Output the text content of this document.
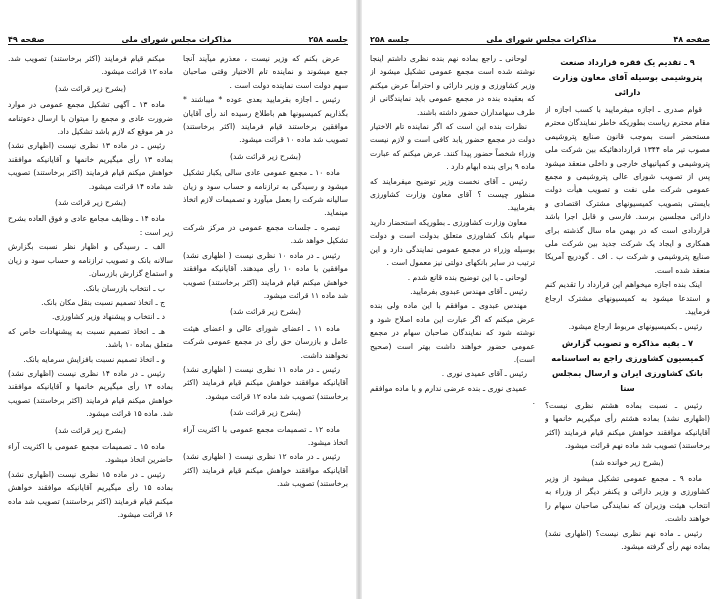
جلسه ۲۵۸
مذاکرات مجلس شورای ملی
صفحه ۴۹

عرض بکنم که وزیر نیست ، معذرم میآیند آنجا جمع میشوند و نماینده تام الاختیار وقتی صاحبان سهم دولت است نماینده دولت است .

رئیس ـ اجازه بفرمایید بعدی عوده * میباشند * بگذاریم کمیسیونها هم باطلاع رسیده اند رأی آقایان موافقین برخاستند قیام فرمایند (اکثر برخاستند) تصویب شد ماده ۱۰ قرائت میشود.

(بشرح زیر قرائت شد)

ماده ۱۰ ـ مجمع عمومی عادی سالی یکبار تشکیل میشود و رسیدگی به ترازنامه و حساب سود و زیان سالیانه شرکت را بعمل میآورد و تصمیمات لازم اتخاذ مینماید.

تبصره ـ جلسات مجمع عمومی در مرکز شرکت تشکیل خواهد شد.

رئیس ـ در ماده ۱۰ نظری نیست ( اظهاری نشد) موافقین با ماده ۱۰ رأی میدهند. آقایانیکه موافقند خواهش میکنم قیام فرمایند (اکثر برخاستند) تصویب شد ماده ۱۱ قرائت میشود.

(بشرح زیر قرائت شد)

ماده ۱۱ ـ اعضای شورای عالی و اعضای هیئت عامل و بازرسان حق رأی در مجمع عمومی شرکت نخواهند داشت.

رئیس ـ در ماده ۱۱ نظری نیست ( اظهاری نشد) آقایانیکه موافقند خواهش میکنم قیام فرمایند (اکثر برخاستند) تصویب شد ماده ۱۲ قرائت میشود.

(بشرح زیر قرائت شد)

ماده ۱۲ ـ تصمیمات مجمع عمومی با اکثریت آراء اتخاذ میشود.

رئیس ـ در ماده ۱۲ نظری نیست ( اظهاری نشد) آقایانیکه موافقند خواهش میکنم قیام فرمایند (اکثر برخاستند) تصویب شد.

میکنم قیام فرمایند (اکثر برخاستند) تصویب شد. ماده ۱۲ قرائت میشود.

(بشرح زیر قرائت شد)

ماده ۱۳ ـ آگهی تشکیل مجمع عمومی در موارد ضرورت عادی و مجمع را میتوان با ارسال دعوتنامه در هر موقع که لازم باشد تشکیل داد.

رئیس ـ در ماده ۱۳ نظری نیست (اظهاری نشد) بماده ۱۳ رأی میگیریم خانمها و آقایانیکه موافقند خواهش میکنم قیام فرمایند (اکثر برخاستند) تصویب شد ماده ۱۴ قرائت میشود.

(بشرح زیر قرائت شد)

ماده ۱۴ ـ وظایف مجامع عادی و فوق العاده بشرح زیر است :

الف ـ رسیدگی و اظهار نظر نسبت بگزارش سالانه بانک و تصویب ترازنامه و حساب سود و زیان و استماع گزارش بازرسان.

ب ـ انتخاب بازرسان بانک.

ج ـ اتخاذ تصمیم نسبت بنقل مکان بانک.

د ـ انتخاب و پیشنهاد وزیر کشاورزی.

هـ ـ اتخاذ تصمیم نسبت به پیشنهادات خاص که متعلق بماده ۱۰ باشد.

و ـ اتخاذ تصمیم نسبت بافزایش سرمایه بانک.

رئیس ـ در ماده ۱۴ نظری نیست (اظهاری نشد) بماده ۱۴ رأی میگیریم خانمها و آقایانیکه موافقند خواهش میکنم قیام فرمایند (اکثر برخاستند) تصویب شد. ماده ۱۵ قرائت میشود.

(بشرح زیر قرائت شد)

ماده ۱۵ ـ تصمیمات مجمع عمومی با اکثریت آراء حاضرین اتخاذ میشود.

رئیس ـ در ماده ۱۵ نظری نیست (اظهاری نشد) بماده ۱۵ رأی میگیریم آقایانیکه موافقند خواهش میکنم قیام فرمایند (اکثر برخاستند) تصویب شد ماده ۱۶ قرائت میشود.

صفحه ۴۸
مذاکرات مجلس شورای ملی
جلسه ۲۵۸

۹ ـ تقدیم یک فقره قرارداد صنعت پتروشیمی بوسیله آقای معاون وزارت دارائی

قوام صدری ـ اجازه میفرمایید با کسب اجازه از مقام محترم ریاست بطوریکه خاطر نمایندگان محترم مستحضر است بموجب قانون صنایع پتروشیمی مصوب تیر ماه ۱۳۴۴ قراردادهائیکه بین شرکت ملی پتروشیمی و کمپانیهای خارجی و داخلی منعقد میشود پس از تصویب شورای عالی پتروشیمی و مجمع عمومی شرکت ملی نفت و تصویب هیأت دولت بایستی بتصویب کمیسیونهای مشترک اقتصادی و دارائی مجلسین برسد. فارسی و قابل اجرا باشد قراردادی است که در بهمن ماه سال گذشته برای همکاری و ایجاد یک شرکت جدید بین شرکت ملی صنایع پتروشیمی و شرکت ب . اف . گودریچ آمریکا منعقد شده است.

اینک بنده اجازه میخواهم این قرارداد را تقدیم کنم و استدعا میشود به کمیسیونهای مشترک ارجاع فرمایید.

رئیس ـ بکمیسیونهای مربوط ارجاع میشود.

۷ ـ بقیه مذاکره و تصویب گزارش کمیسیون کشاورزی راجع به اساسنامه بانک کشاورزی ایران و ارسال بمجلس سنا

رئیس ـ نسبت بماده هشتم نظری نیست؟ (اظهاری نشد) بماده هشتم رأی میگیریم خانمها و آقایانیکه موافقند خواهش میکنم قیام فرمایند (اکثر برخاستند) تصویب شد ماده نهم قرائت میشود.

(بشرح زیر خوانده شد)

ماده ۹ ـ مجمع عمومی تشکیل میشود از وزیر کشاورزی و وزیر دارائی و یکنفر دیگر از وزراء به انتخاب هیئت وزیران که نمایندگی صاحبان سهام را خواهند داشت.

رئیس ـ ماده نهم نظری نیست؟ (اظهاری نشد) بماده نهم رأی گرفته میشود.

لوحانی ـ راجع بماده نهم بنده نظری داشتم اینجا نوشته شده است مجمع عمومی تشکیل میشود از وزیر کشاورزی و وزیر دارائی و احتراماً عرض میکنم که بعقیده بنده در مجمع عمومی باید نمایندگانی از طرف سهامداران حضور داشته باشند.

نظرات بنده این است که اگر نماینده تام الاختیار دولت در مجمع حضور یابد کافی است و لازم نیست وزراء شخصاً حضور پیدا کنند. عرض میکنم که عبارت ماده ۹ برای بنده ابهام دارد .

رئیس ـ آقای نخست وزیر توضیح میفرمایند که منظور چیست ؟ آقای معاون وزارت کشاورزی بفرمایید.

معاون وزارت کشاورزی ـ بطوریکه استحضار دارید سهام بانک کشاورزی متعلق بدولت است و دولت بوسیله وزراء در مجمع عمومی نمایندگی دارد و این ترتیب در سایر بانکهای دولتی نیز معمول است .

لوحانی ـ با این توضیح بنده قانع شدم .

رئیس ـ آقای مهندس عبدوی بفرمایید.

مهندس عبدوی ـ موافقم با این ماده ولی بنده عرض میکنم که اگر عبارت این ماده اصلاح شود و نوشته شود که نمایندگان صاحبان سهام در مجمع عمومی حضور خواهند داشت بهتر است (صحیح است).

رئیس ـ آقای عمیدی نوری .

عمیدی نوری ـ بنده عرضی ندارم و با ماده موافقم .
